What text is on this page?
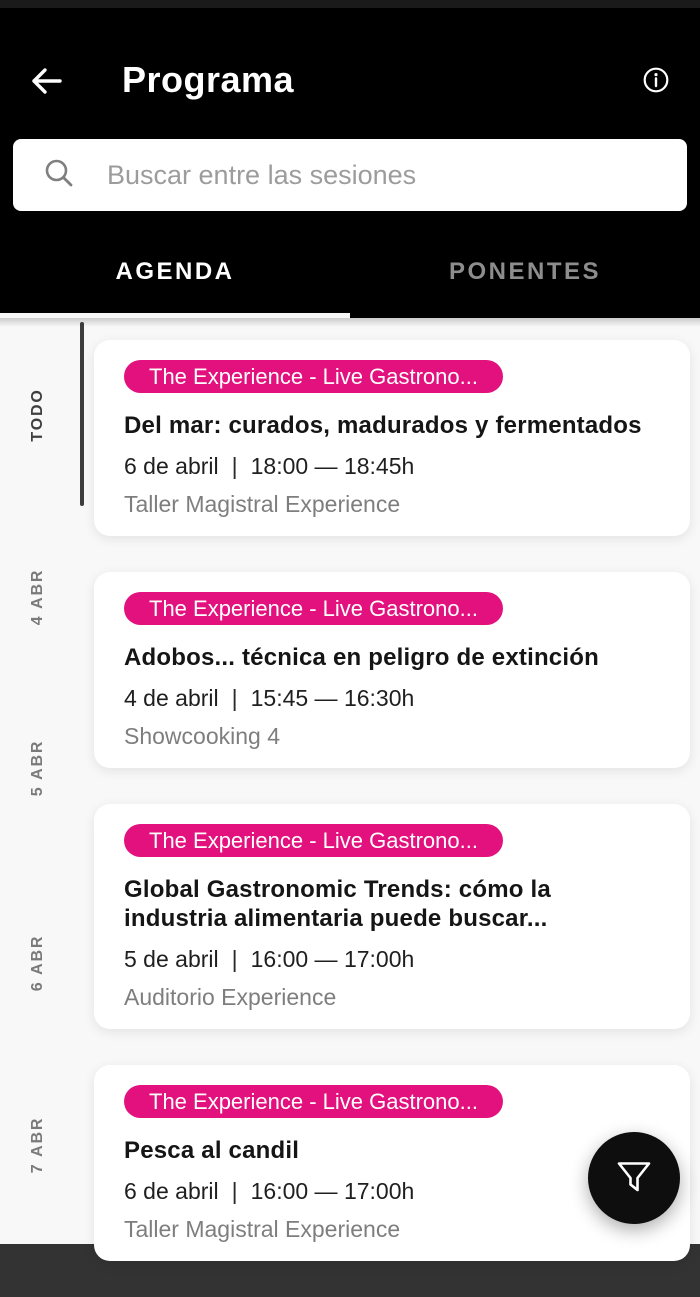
Programa
Buscar entre las sesiones
AGENDA	PONENTES
TODO
4 ABR
5 ABR
6 ABR
7 ABR
The Experience - Live Gastrono...
Del mar: curados, madurados y fermentados
6 de abril | 18:00 — 18:45h
Taller Magistral Experience
The Experience - Live Gastrono...
Adobos... técnica en peligro de extinción
4 de abril | 15:45 — 16:30h
Showcooking 4
The Experience - Live Gastrono...
Global Gastronomic Trends: cómo la industria alimentaria puede buscar...
5 de abril | 16:00 — 17:00h
Auditorio Experience
The Experience - Live Gastrono...
Pesca al candil
6 de abril | 16:00 — 17:00h
Taller Magistral Experience
